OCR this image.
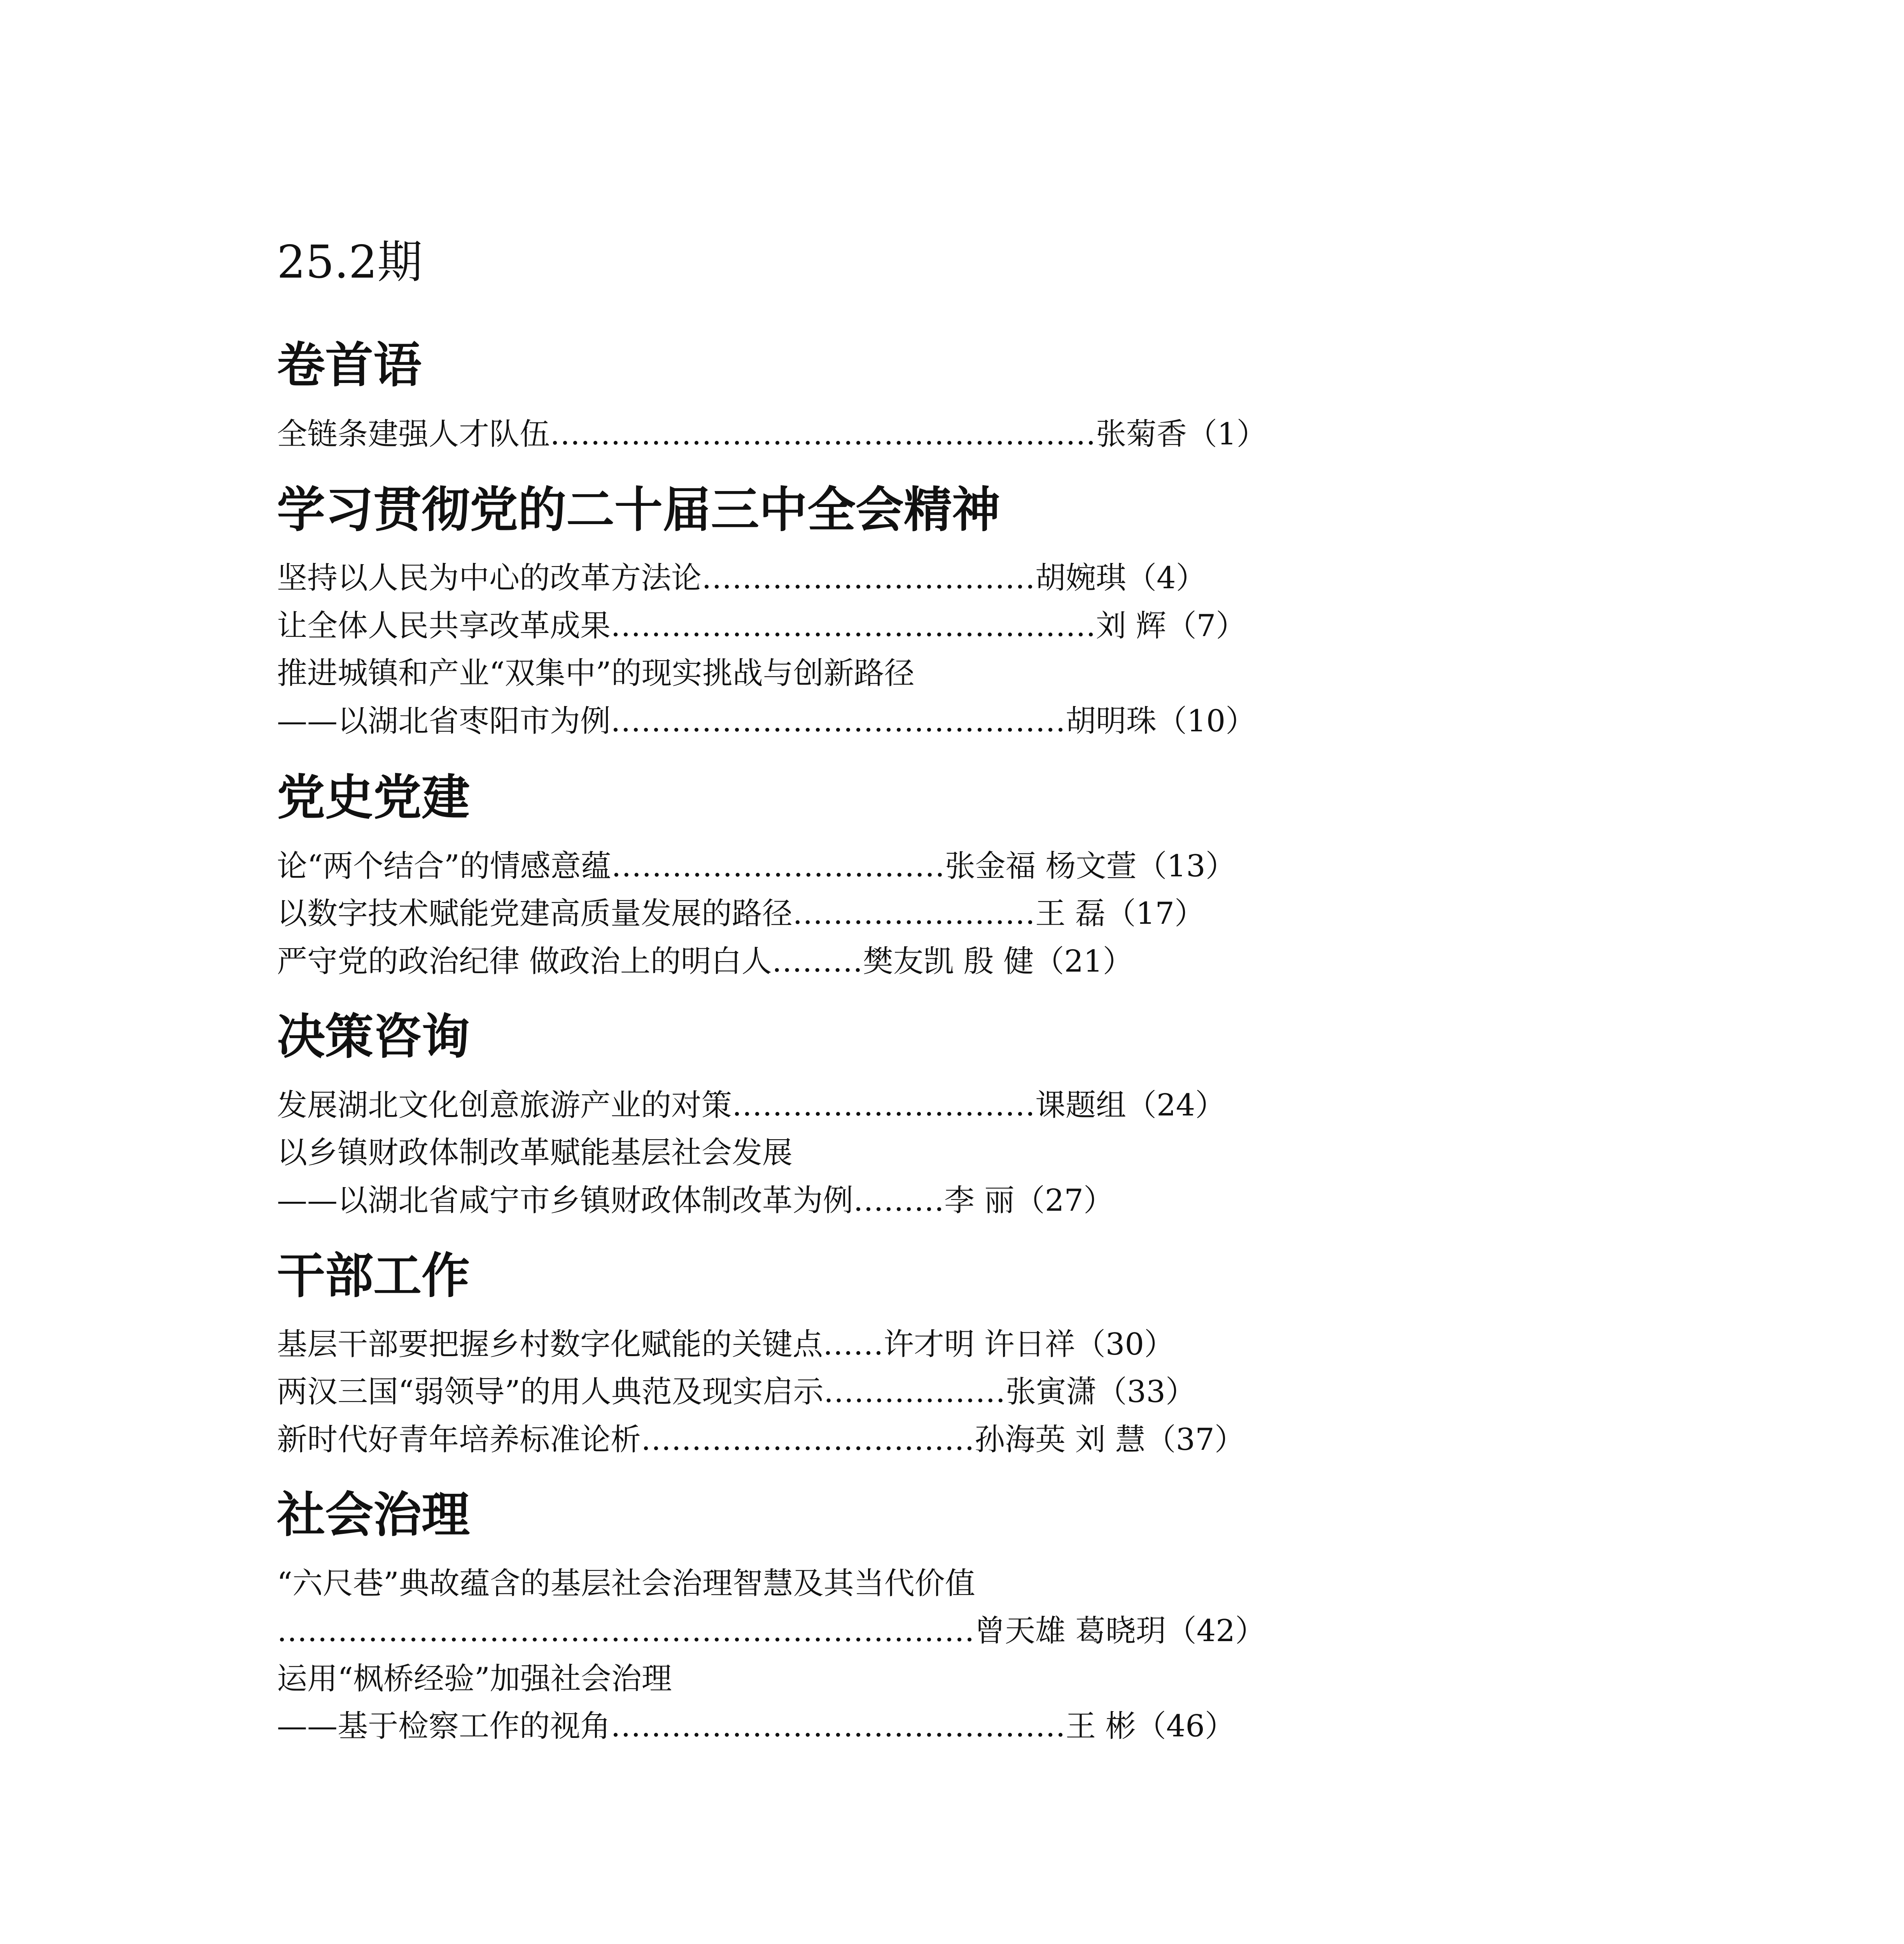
25.2期
卷首语
全链条建强人才队伍………………………………………………张菊香（1）
学习贯彻党的二十届三中全会精神
坚持以人民为中心的改革方法论……………………………胡婉琪（4）
让全体人民共享改革成果…………………………………………刘 辉（7）
推进城镇和产业“双集中”的现实挑战与创新路径
——以湖北省枣阳市为例………………………………………胡明珠（10）
党史党建
论“两个结合”的情感意蕴……………………………张金福 杨文萱（13）
以数字技术赋能党建高质量发展的路径……………………王 磊（17）
严守党的政治纪律 做政治上的明白人………樊友凯 殷 健（21）
决策咨询
发展湖北文化创意旅游产业的对策…………………………课题组（24）
以乡镇财政体制改革赋能基层社会发展
——以湖北省咸宁市乡镇财政体制改革为例………李 丽（27）
干部工作
基层干部要把握乡村数字化赋能的关键点……许才明 许日祥（30）
两汉三国“弱领导”的用人典范及现实启示………………张寅潇（33）
新时代好青年培养标准论析……………………………孙海英 刘 慧（37）
社会治理
“六尺巷”典故蕴含的基层社会治理智慧及其当代价值
……………………………………………………………曾天雄 葛晓玥（42）
运用“枫桥经验”加强社会治理
——基于检察工作的视角………………………………………王 彬（46）
